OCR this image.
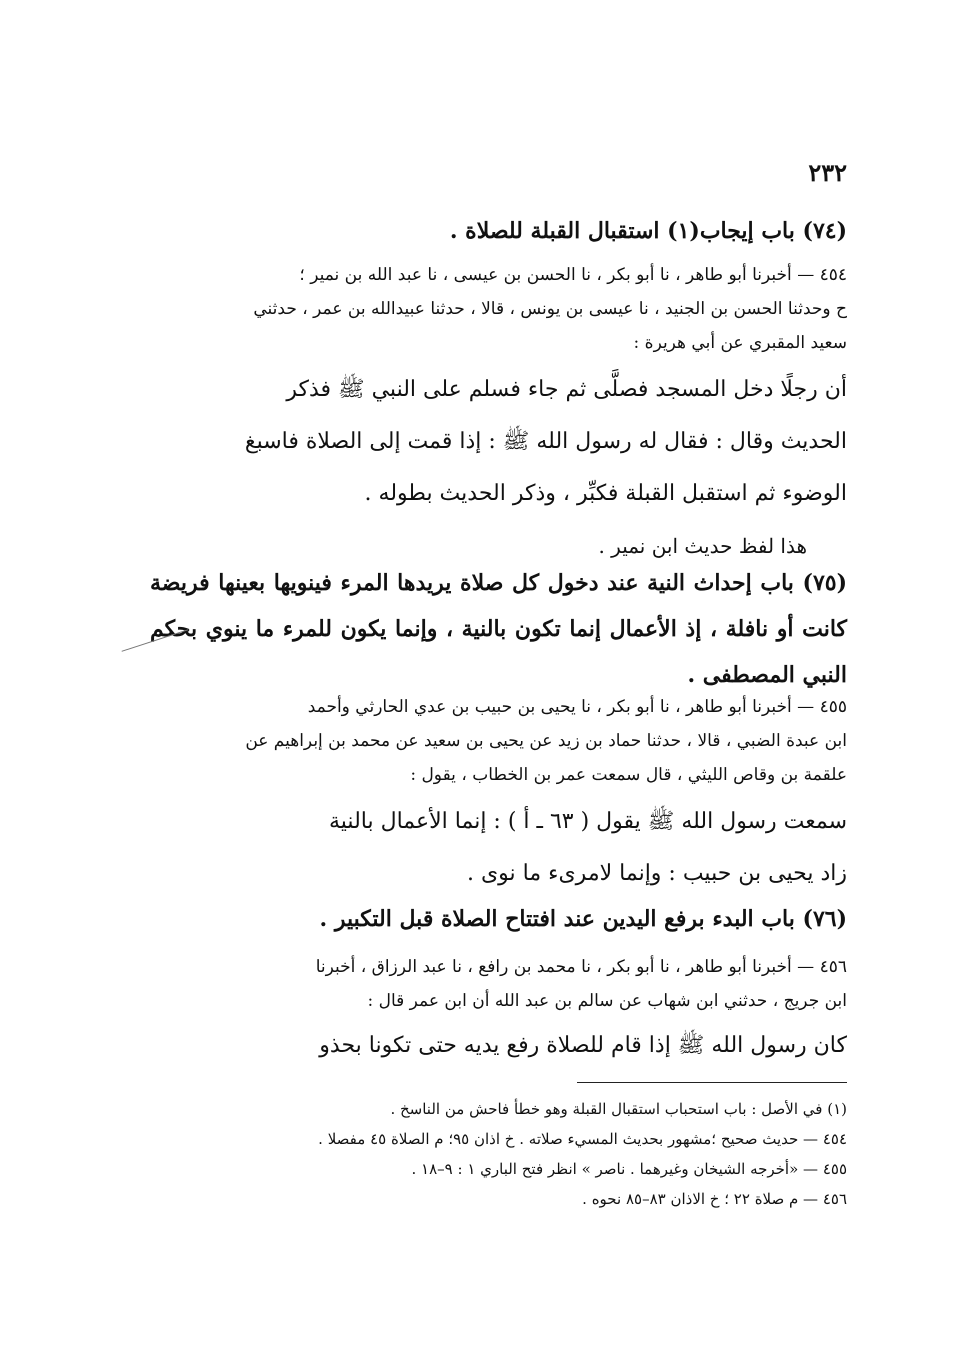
٢٣٢
(٧٤) باب إيجاب(١) استقبال القبلة للصلاة .
٤٥٤ — أخبرنا أبو طاهر ، نا أبو بكر ، نا الحسن بن عيسى ، نا عبد الله بن نمير ؛
ح وحدثنا الحسن بن الجنيد ، نا عيسى بن يونس ، قالا ، حدثنا عبيدالله بن عمر ، حدثني
سعيد المقبري عن أبي هريرة :
أن رجلًا دخل المسجد فصلَّى ثم جاء فسلم على النبي ﷺ فذكر
الحديث وقال : فقال له رسول الله ﷺ : إذا قمت إلى الصلاة فاسبغ
الوضوء ثم استقبل القبلة فكبِّر ، وذكر الحديث بطوله .
هذا لفظ حديث ابن نمير .
(٧٥) باب إحداث النية عند دخول كل صلاة يريدها المرء فينويها بعينها فريضة كانت أو نافلة ، إذ الأعمال إنما تكون بالنية ، وإنما يكون للمرء ما ينوي بحكم النبي المصطفى .
٤٥٥ — أخبرنا أبو طاهر ، نا أبو بكر ، نا يحيى بن حبيب بن عدي الحارثي وأحمد
ابن عبدة الضبي ، قالا ، حدثنا حماد بن زيد عن يحيى بن سعيد عن محمد بن إبراهيم عن
علقمة بن وقاص الليثي ، قال سمعت عمر بن الخطاب ، يقول :
سمعت رسول الله ﷺ يقول ( ٦٣ ـ أ ) : إنما الأعمال بالنية
زاد يحيى بن حبيب : وإنما لامرىء ما نوى .
(٧٦) باب البدء برفع اليدين عند افتتاح الصلاة قبل التكبير .
٤٥٦ — أخبرنا أبو طاهر ، نا أبو بكر ، نا محمد بن رافع ، نا عبد الرزاق ، أخبرنا
ابن جريج ، حدثني ابن شهاب عن سالم بن عبد الله أن ابن عمر قال :
كان رسول الله ﷺ إذا قام للصلاة رفع يديه حتى تكونا بحذو
(١) في الأصل : باب استحباب استقبال القبلة وهو خطأ فاحش من الناسخ .
٤٥٤ — حديث صحيح ؛مشهور بحديث المسيء صلاته . خ اذان ٩٥؛ م الصلاة ٤٥ مفصلا .
٤٥٥ — «أخرجه الشيخان وغيرهما . ناصر » انظر فتح الباري ١ : ٩–١٨ .
٤٥٦ — م صلاة ٢٢ ؛ خ الاذان ٨٣–٨٥ نحوه .
